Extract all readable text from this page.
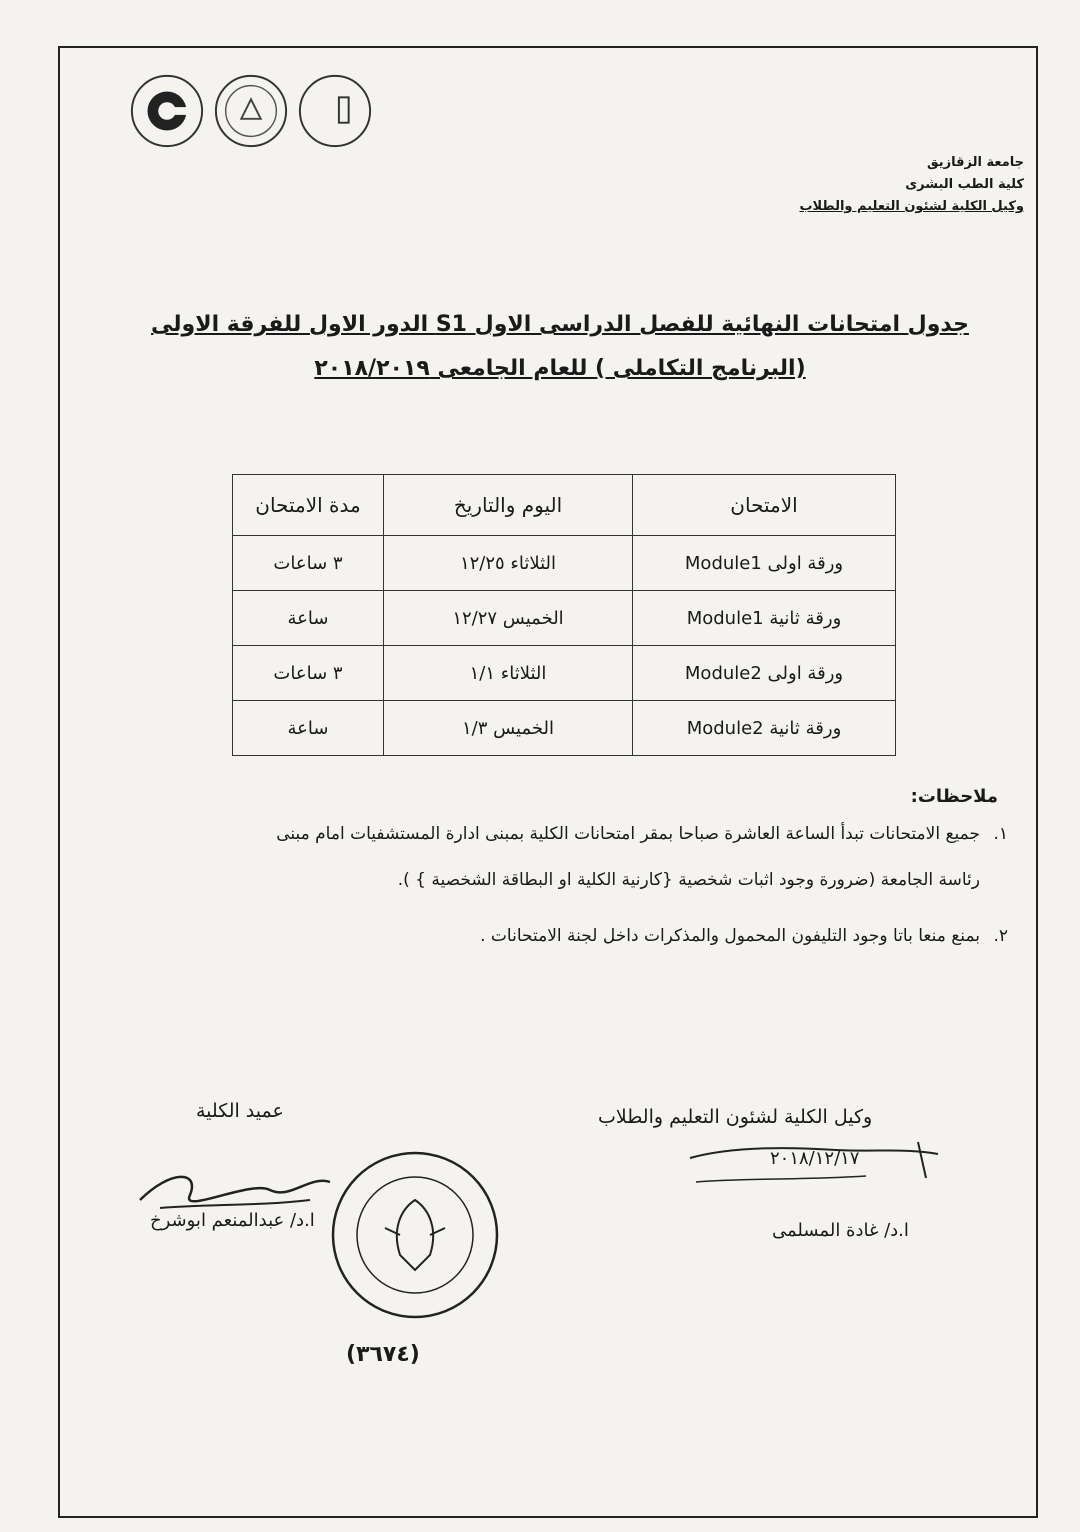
جامعة الزقازيق
كلية الطب البشرى
وكيل الكلية لشئون التعليم والطلاب
جدول امتحانات النهائية للفصل الدراسى الاول S1 الدور الاول للفرقة الاولى
(البرنامج التكاملى ) للعام الجامعى ٢٠١٨/٢٠١٩
الامتحان	اليوم والتاريخ	مدة الامتحان
ورقة اولى Module1	الثلاثاء ١٢/٢٥	٣ ساعات
ورقة ثانية Module1	الخميس ١٢/٢٧	ساعة
ورقة اولى Module2	الثلاثاء ١/١	٣ ساعات
ورقة ثانية Module2	الخميس ١/٣	ساعة
ملاحظات:
١.
جميع الامتحانات تبدأ الساعة العاشرة صباحا بمقر امتحانات الكلية بمبنى ادارة المستشفيات امام مبنى
رئاسة الجامعة (ضرورة وجود اثبات شخصية {كارنية الكلية او البطاقة الشخصية } ).
٢.
بمنع منعا باتا وجود التليفون المحمول والمذكرات داخل لجنة الامتحانات .
عميد الكلية	وكيل الكلية لشئون التعليم والطلاب
ا.د/ عبدالمنعم ابوشرخ
٢٠١٨/١٢/١٧
ا.د/ غادة المسلمى
(٣٦٧٤)
